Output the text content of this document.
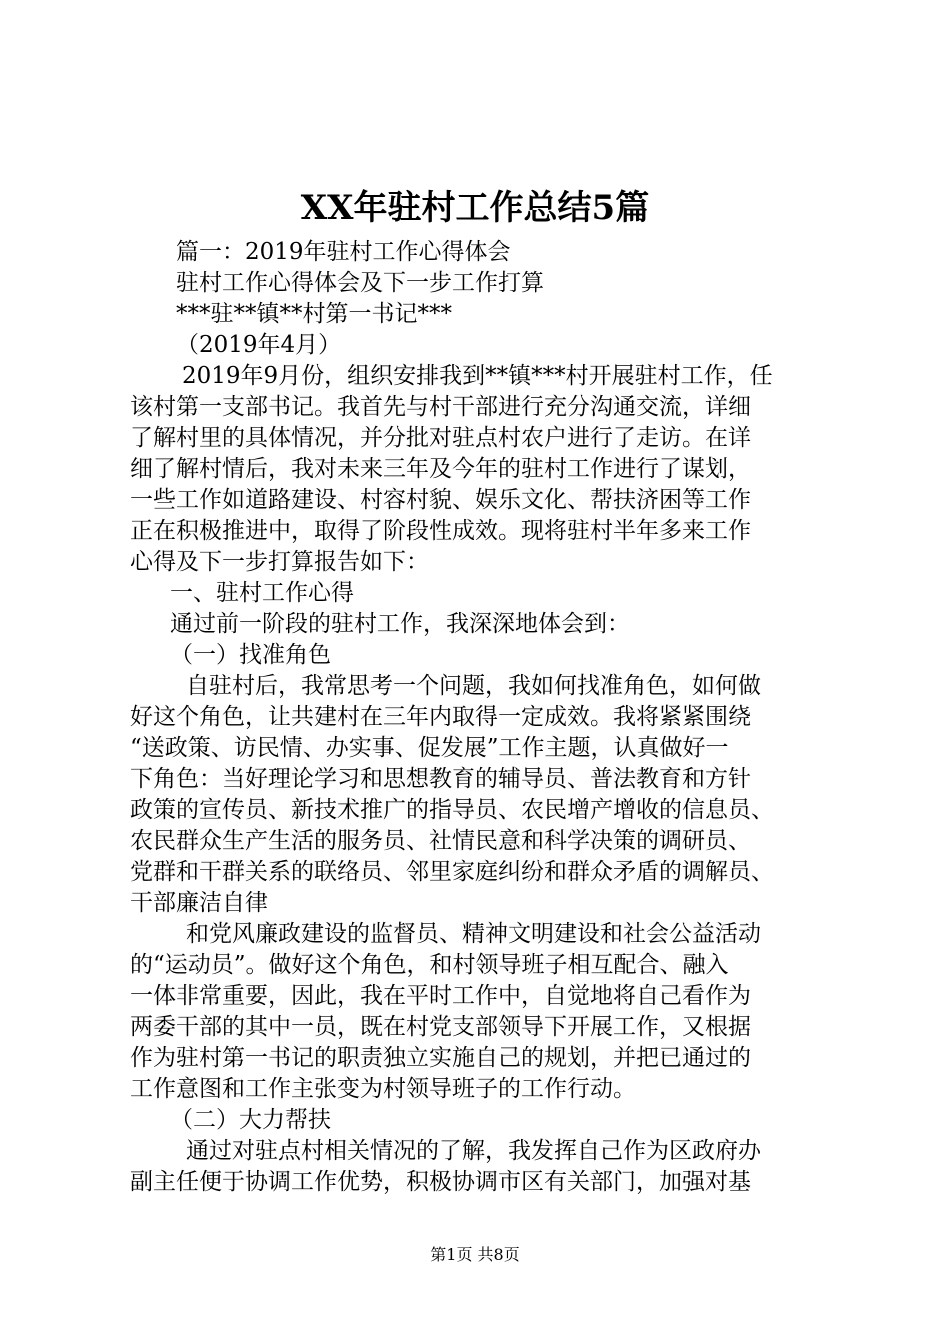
XX年驻村工作总结5篇
篇一：2019年驻村工作心得体会
驻村工作心得体会及下一步工作打算
***驻**镇**村第一书记***
（2019年4月）
2019年9月份，组织安排我到**镇***村开展驻村工作，任
该村第一支部书记。我首先与村干部进行充分沟通交流，详细
了解村里的具体情况，并分批对驻点村农户进行了走访。在详
细了解村情后，我对未来三年及今年的驻村工作进行了谋划，
一些工作如道路建设、村容村貌、娱乐文化、帮扶济困等工作
正在积极推进中，取得了阶段性成效。现将驻村半年多来工作
心得及下一步打算报告如下：
一、驻村工作心得
通过前一阶段的驻村工作，我深深地体会到：
（一）找准角色
自驻村后，我常思考一个问题，我如何找准角色，如何做
好这个角色，让共建村在三年内取得一定成效。我将紧紧围绕
“送政策、访民情、办实事、促发展”工作主题，认真做好一
下角色：当好理论学习和思想教育的辅导员、普法教育和方针
政策的宣传员、新技术推广的指导员、农民增产增收的信息员、
农民群众生产生活的服务员、社情民意和科学决策的调研员、
党群和干群关系的联络员、邻里家庭纠纷和群众矛盾的调解员、
干部廉洁自律
和党风廉政建设的监督员、精神文明建设和社会公益活动
的“运动员”。做好这个角色，和村领导班子相互配合、融入
一体非常重要，因此，我在平时工作中，自觉地将自己看作为
两委干部的其中一员，既在村党支部领导下开展工作，又根据
作为驻村第一书记的职责独立实施自己的规划，并把已通过的
工作意图和工作主张变为村领导班子的工作行动。
（二）大力帮扶
通过对驻点村相关情况的了解，我发挥自己作为区政府办
副主任便于协调工作优势，积极协调市区有关部门，加强对基
第1页 共8页
